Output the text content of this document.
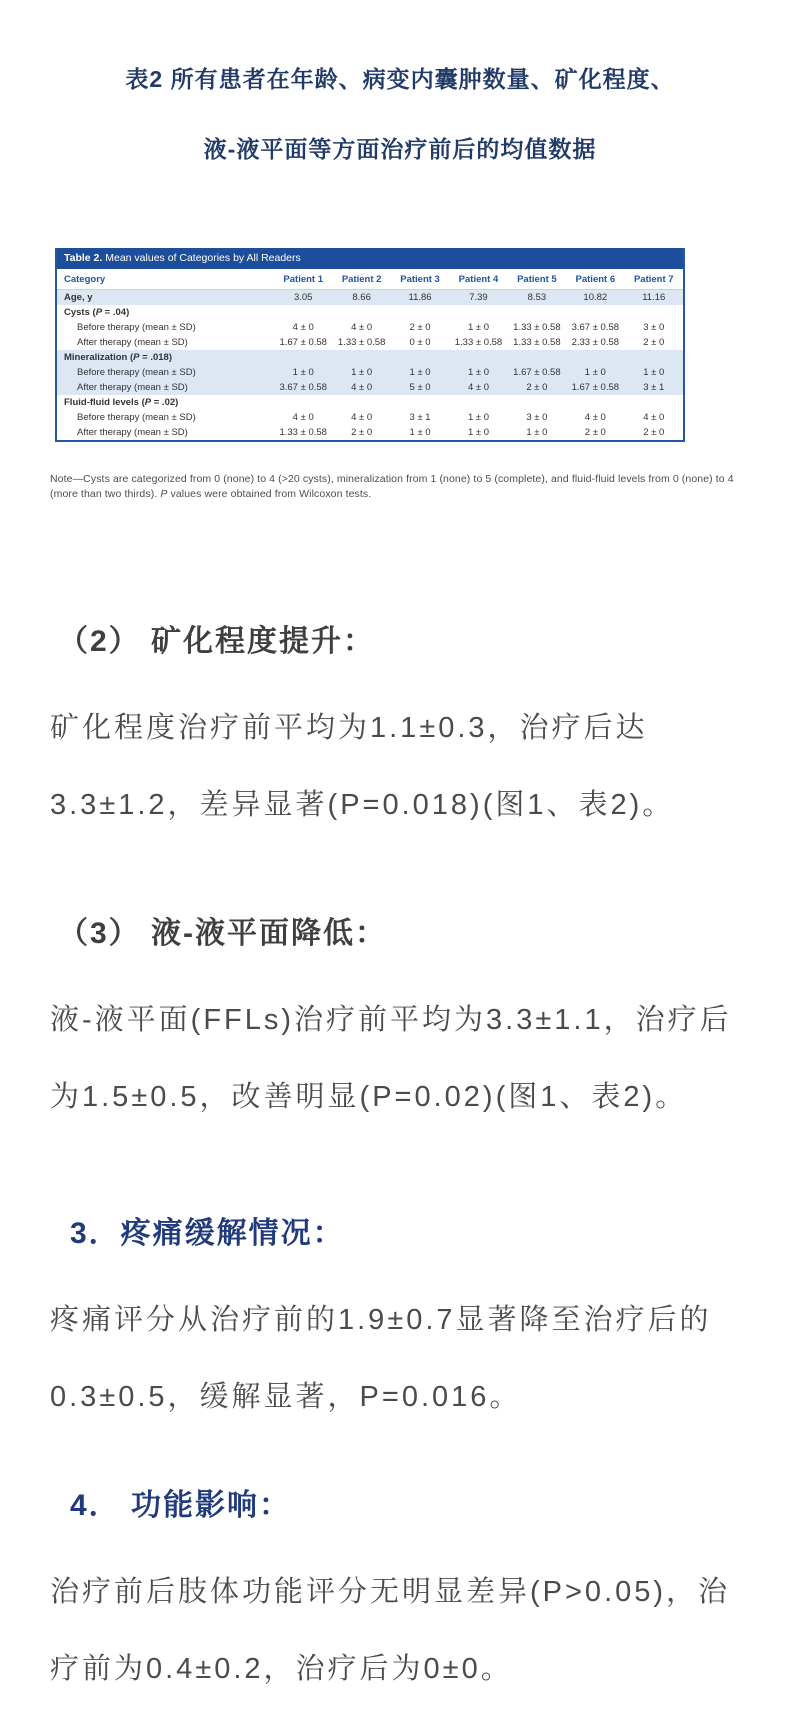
表2 所有患者在年龄、病变内囊肿数量、矿化程度、
液-液平面等方面治疗前后的均值数据
Table 2. Mean values of Categories by All Readers
Category	Patient 1	Patient 2	Patient 3	Patient 4	Patient 5	Patient 6	Patient 7
Age, y	3.05	8.66	11.86	7.39	8.53	10.82	11.16
Cysts (P = .04)							
Before therapy (mean ± SD)	4 ± 0	4 ± 0	2 ± 0	1 ± 0	1.33 ± 0.58	3.67 ± 0.58	3 ± 0
After therapy (mean ± SD)	1.67 ± 0.58	1.33 ± 0.58	0 ± 0	1.33 ± 0.58	1.33 ± 0.58	2.33 ± 0.58	2 ± 0
Mineralization (P = .018)							
Before therapy (mean ± SD)	1 ± 0	1 ± 0	1 ± 0	1 ± 0	1.67 ± 0.58	1 ± 0	1 ± 0
After therapy (mean ± SD)	3.67 ± 0.58	4 ± 0	5 ± 0	4 ± 0	2 ± 0	1.67 ± 0.58	3 ± 1
Fluid-fluid levels (P = .02)							
Before therapy (mean ± SD)	4 ± 0	4 ± 0	3 ± 1	1 ± 0	3 ± 0	4 ± 0	4 ± 0
After therapy (mean ± SD)	1.33 ± 0.58	2 ± 0	1 ± 0	1 ± 0	1 ± 0	2 ± 0	2 ± 0

Note—Cysts are categorized from 0 (none) to 4 (>20 cysts), mineralization from 1 (none) to 5 (complete), and fluid-fluid levels from 0 (none) to 4 (more than two thirds). P values were obtained from Wilcoxon tests.

（2） 矿化程度提升：

矿化程度治疗前平均为1.1±0.3，治疗后达3.3±1.2，差异显著(P=0.018)(图1、表2)。

（3） 液-液平面降低：

液-液平面(FFLs)治疗前平均为3.3±1.1，治疗后为1.5±0.5，改善明显(P=0.02)(图1、表2)。

3．疼痛缓解情况：

疼痛评分从治疗前的1.9±0.7显著降至治疗后的0.3±0.5，缓解显著，P=0.016。

4． 功能影响：

治疗前后肢体功能评分无明显差异(P>0.05)，治疗前为0.4±0.2，治疗后为0±0。
